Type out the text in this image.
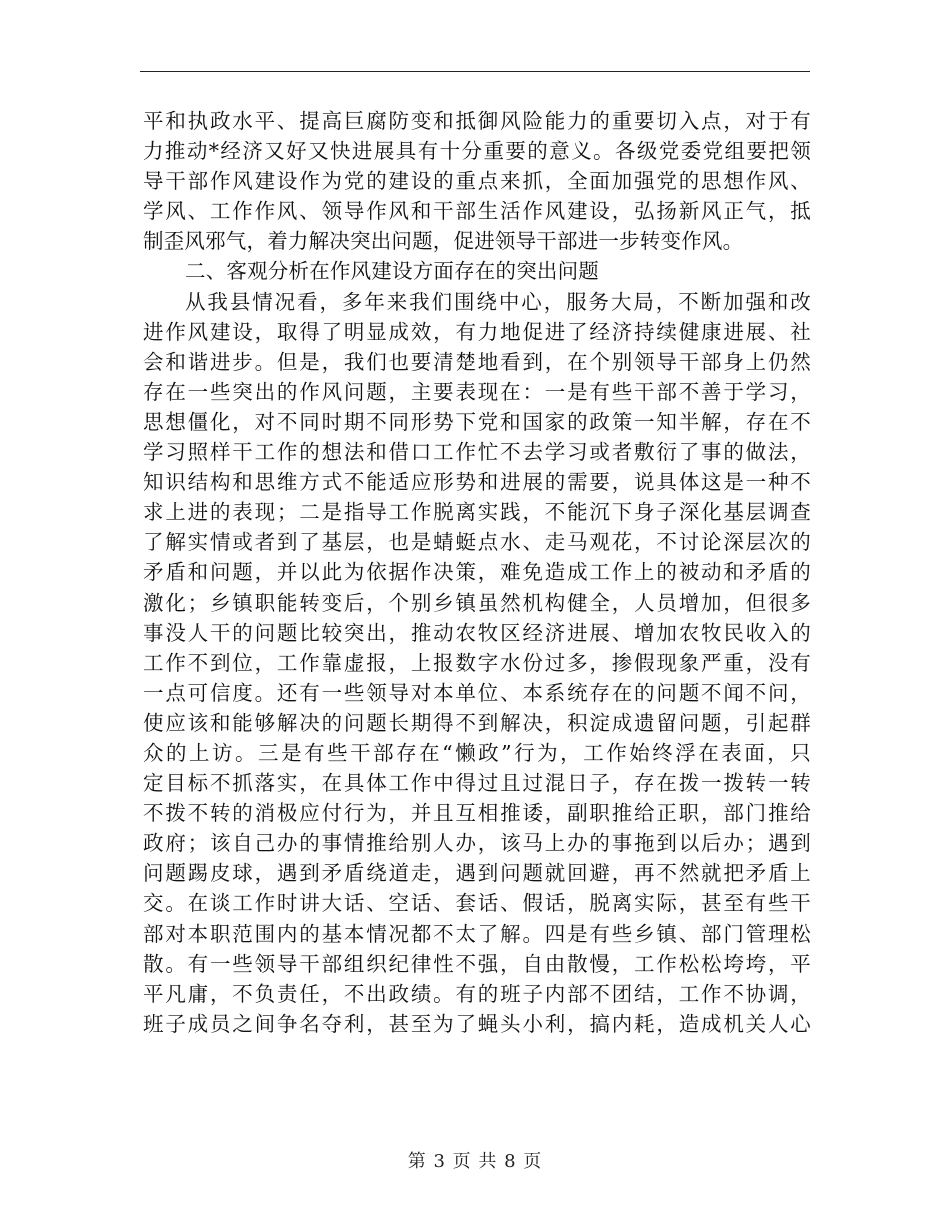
平和执政水平、提高巨腐防变和抵御风险能力的重要切入点，对于有
力推动*经济又好又快进展具有十分重要的意义。各级党委党组要把领
导干部作风建设作为党的建设的重点来抓，全面加强党的思想作风、
学风、工作作风、领导作风和干部生活作风建设，弘扬新风正气，抵
制歪风邪气，着力解决突出问题，促进领导干部进一步转变作风。
二、客观分析在作风建设方面存在的突出问题
从我县情况看，多年来我们围绕中心，服务大局，不断加强和改
进作风建设，取得了明显成效，有力地促进了经济持续健康进展、社
会和谐进步。但是，我们也要清楚地看到，在个别领导干部身上仍然
存在一些突出的作风问题，主要表现在：一是有些干部不善于学习，
思想僵化，对不同时期不同形势下党和国家的政策一知半解，存在不
学习照样干工作的想法和借口工作忙不去学习或者敷衍了事的做法，
知识结构和思维方式不能适应形势和进展的需要，说具体这是一种不
求上进的表现；二是指导工作脱离实践，不能沉下身子深化基层调查
了解实情或者到了基层，也是蜻蜓点水、走马观花，不讨论深层次的
矛盾和问题，并以此为依据作决策，难免造成工作上的被动和矛盾的
激化；乡镇职能转变后，个别乡镇虽然机构健全，人员增加，但很多
事没人干的问题比较突出，推动农牧区经济进展、增加农牧民收入的
工作不到位，工作靠虚报，上报数字水份过多，掺假现象严重，没有
一点可信度。还有一些领导对本单位、本系统存在的问题不闻不问，
使应该和能够解决的问题长期得不到解决，积淀成遗留问题，引起群
众的上访。三是有些干部存在“懒政”行为，工作始终浮在表面，只
定目标不抓落实，在具体工作中得过且过混日子，存在拨一拨转一转
不拨不转的消极应付行为，并且互相推诿，副职推给正职，部门推给
政府；该自己办的事情推给别人办，该马上办的事拖到以后办；遇到
问题踢皮球，遇到矛盾绕道走，遇到问题就回避，再不然就把矛盾上
交。在谈工作时讲大话、空话、套话、假话，脱离实际，甚至有些干
部对本职范围内的基本情况都不太了解。四是有些乡镇、部门管理松
散。有一些领导干部组织纪律性不强，自由散慢，工作松松垮垮，平
平凡庸，不负责任，不出政绩。有的班子内部不团结，工作不协调，
班子成员之间争名夺利，甚至为了蝇头小利，搞内耗，造成机关人心
第 3 页 共 8 页
